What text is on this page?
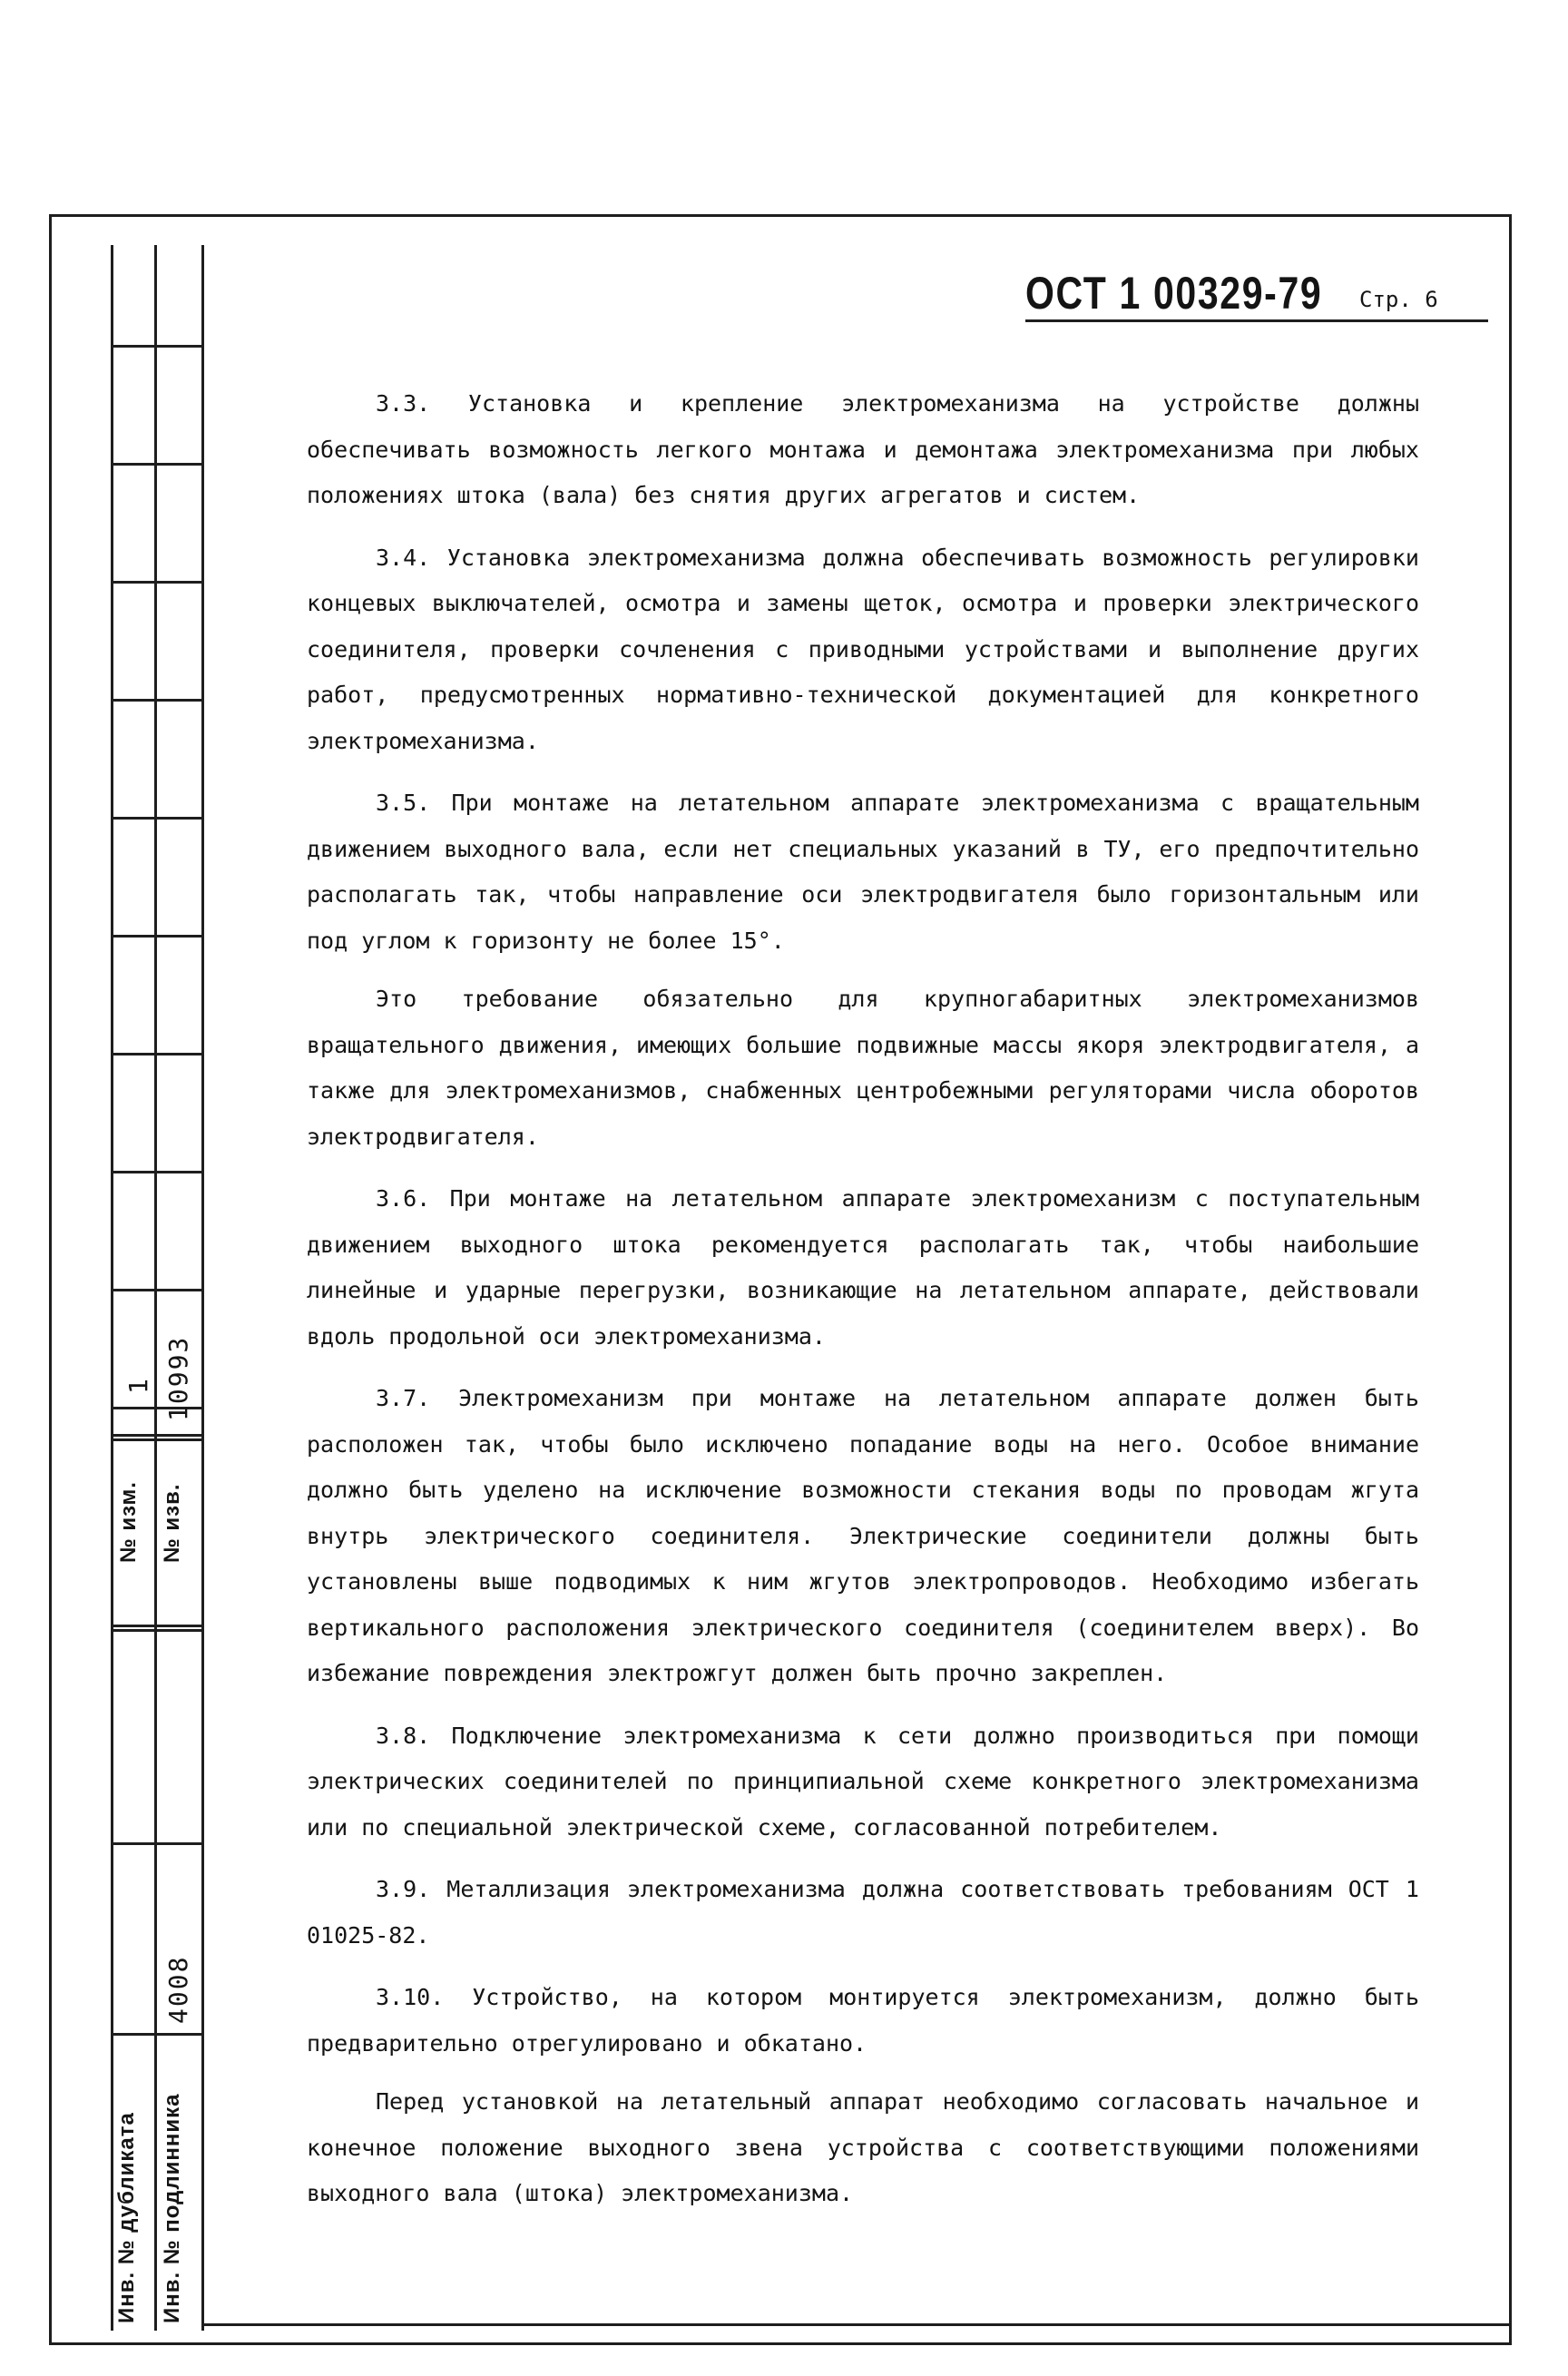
№ изм.
1
№ изв.
10993
4008
Инв. № дубликата Инв. № подлинника
ОСТ 1 00329-79 Стр. 6

3.3. Установка и крепление электромеханизма на устройстве должны обеспечивать возможность легкого монтажа и демонтажа электромеханизма при любых положениях штока (вала) без снятия других агрегатов и систем.

3.4. Установка электромеханизма должна обеспечивать возможность регулировки концевых выключателей, осмотра и замены щеток, осмотра и проверки электрического соединителя, проверки сочленения с приводными устройствами и выполнение других работ, предусмотренных нормативно-технической документацией для конкретного электромеханизма.

3.5. При монтаже на летательном аппарате электромеханизма с вращательным движением выходного вала, если нет специальных указаний в ТУ, его предпочтительно располагать так, чтобы направление оси электродвигателя было горизонтальным или под углом к горизонту не более 15°.

Это требование обязательно для крупногабаритных электромеханизмов вращательного движения, имеющих большие подвижные массы якоря электродвигателя, а также для электромеханизмов, снабженных центробежными регуляторами числа оборотов электродвигателя.

3.6. При монтаже на летательном аппарате электромеханизм с поступательным движением выходного штока рекомендуется располагать так, чтобы наибольшие линейные и ударные перегрузки, возникающие на летательном аппарате, действовали вдоль продольной оси электромеханизма.

3.7. Электромеханизм при монтаже на летательном аппарате должен быть расположен так, чтобы было исключено попадание воды на него. Особое внимание должно быть уделено на исключение возможности стекания воды по проводам жгута внутрь электрического соединителя. Электрические соединители должны быть установлены выше подводимых к ним жгутов электропроводов. Необходимо избегать вертикального расположения электрического соединителя (соединителем вверх). Во избежание повреждения электрожгут должен быть прочно закреплен.

3.8. Подключение электромеханизма к сети должно производиться при помощи электрических соединителей по принципиальной схеме конкретного электромеханизма или по специальной электрической схеме, согласованной потребителем.

3.9. Металлизация электромеханизма должна соответствовать требованиям ОСТ 1 01025-82.

3.10. Устройство, на котором монтируется электромеханизм, должно быть предварительно отрегулировано и обкатано.

Перед установкой на летательный аппарат необходимо согласовать начальное и конечное положение выходного звена устройства с соответствующими положениями выходного вала (штока) электромеханизма.
